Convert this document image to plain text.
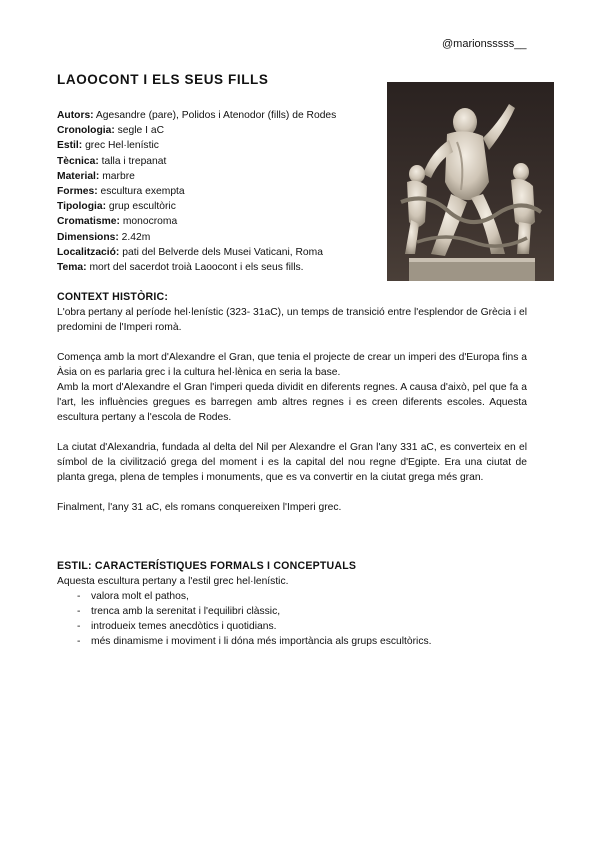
@marionsssss__
LAOOCONT I ELS SEUS FILLS
Autors: Agesandre (pare), Polidos i Atenodor (fills) de Rodes
Cronologia: segle I aC
Estil: grec Hel·lenístic
Tècnica: talla i trepanat
Material: marbre
Formes: escultura exempta
Tipologia: grup escultòric
Cromatisme: monocroma
Dimensions: 2.42m
Localització: pati del Belverde dels Musei Vaticani, Roma
Tema: mort del sacerdot troià Laoocont i els seus fills.
CONTEXT HISTÒRIC:

L'obra pertany al període hel·lenístic (323- 31aC), un temps de transició entre l'esplendor de Grècia i el predomini de l'Imperi romà.

Comença amb la mort d'Alexandre el Gran, que tenia el projecte de crear un imperi des d'Europa fins a Àsia on es parlaria grec i la cultura hel·lènica en seria la base.

Amb la mort d'Alexandre el Gran l'imperi queda dividit en diferents regnes. A causa d'això, pel que fa a l'art, les influències gregues es barregen amb altres regnes i es creen diferents escoles. Aquesta escultura pertany a l'escola de Rodes.

La ciutat d'Alexandria, fundada al delta del Nil per Alexandre el Gran l'any 331 aC, es converteix en el símbol de la civilització grega del moment i es la capital del nou regne d'Egipte. Era una ciutat de planta grega, plena de temples i monuments, que es va convertir en la ciutat grega més gran.

Finalment, l'any 31 aC, els romans conquereixen l'Imperi grec.

ESTIL: CARACTERÍSTIQUES FORMALS I CONCEPTUALS
Aquesta escultura pertany a l'estil grec hel·lenístic.
- valora molt el pathos,
- trenca amb la serenitat i l'equilibri clàssic,
- introdueix temes anecdòtics i quotidians.
- més dinamisme i moviment i li dóna més importància als grups escultòrics.
